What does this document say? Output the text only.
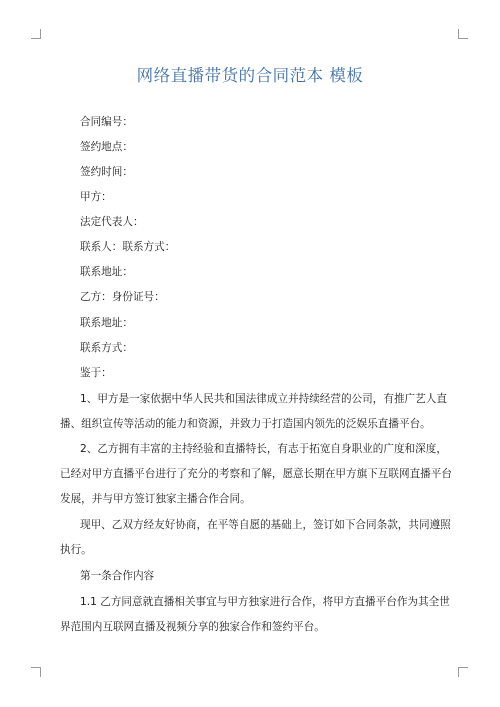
网络直播带货的合同范本 模板
合同编号：
签约地点：
签约时间：
甲方：
法定代表人：
联系人：联系方式：
联系地址：
乙方：身份证号：
联系地址：
联系方式：
鉴于：
1、甲方是一家依据中华人民共和国法律成立并持续经营的公司，有推广艺人直
播、组织宣传等活动的能力和资源，并致力于打造国内领先的泛娱乐直播平台。
2、乙方拥有丰富的主持经验和直播特长，有志于拓宽自身职业的广度和深度，
已经对甲方直播平台进行了充分的考察和了解，愿意长期在甲方旗下互联网直播平台
发展，并与甲方签订独家主播合作合同。
现甲、乙双方经友好协商，在平等自愿的基础上，签订如下合同条款，共同遵照
执行。
第一条合作内容
1.1 乙方同意就直播相关事宜与甲方独家进行合作，将甲方直播平台作为其全世
界范围内互联网直播及视频分享的独家合作和签约平台。
